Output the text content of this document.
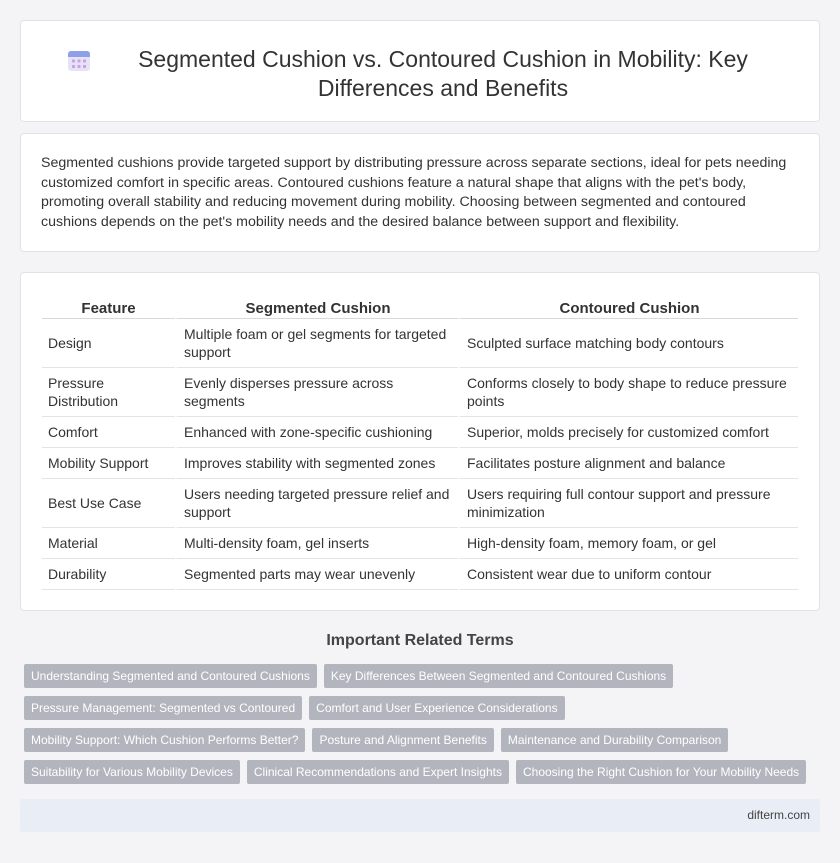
Segmented Cushion vs. Contoured Cushion in Mobility: Key Differences and Benefits

Segmented cushions provide targeted support by distributing pressure across separate sections, ideal for pets needing customized comfort in specific areas. Contoured cushions feature a natural shape that aligns with the pet's body, promoting overall stability and reducing movement during mobility. Choosing between segmented and contoured cushions depends on the pet's mobility needs and the desired balance between support and flexibility.

Feature	Segmented Cushion	Contoured Cushion
Design	Multiple foam or gel segments for targeted support	Sculpted surface matching body contours
Pressure Distribution	Evenly disperses pressure across segments	Conforms closely to body shape to reduce pressure points
Comfort	Enhanced with zone-specific cushioning	Superior, molds precisely for customized comfort
Mobility Support	Improves stability with segmented zones	Facilitates posture alignment and balance
Best Use Case	Users needing targeted pressure relief and support	Users requiring full contour support and pressure minimization
Material	Multi-density foam, gel inserts	High-density foam, memory foam, or gel
Durability	Segmented parts may wear unevenly	Consistent wear due to uniform contour
Important Related Terms
Understanding Segmented and Contoured Cushions	Key Differences Between Segmented and Contoured Cushions
Pressure Management: Segmented vs Contoured	Comfort and User Experience Considerations
Mobility Support: Which Cushion Performs Better?	Posture and Alignment Benefits	Maintenance and Durability Comparison
Suitability for Various Mobility Devices	Clinical Recommendations and Expert Insights	Choosing the Right Cushion for Your Mobility Needs
difterm.com
